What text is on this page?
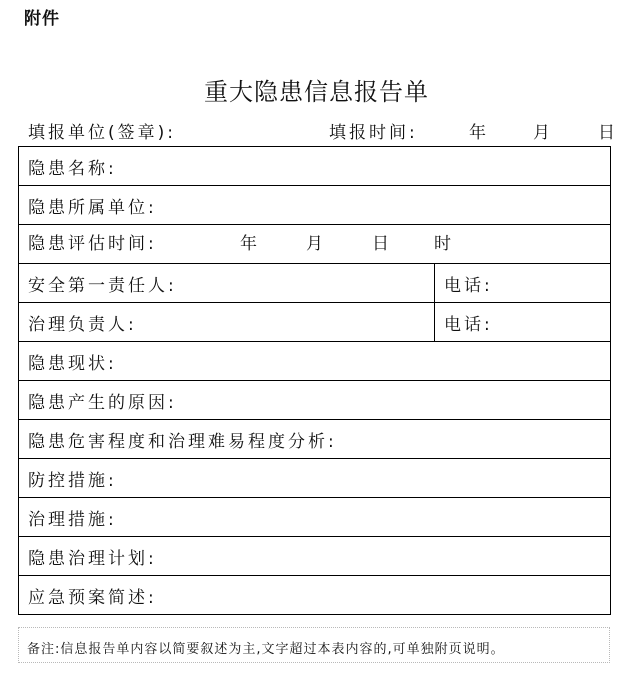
附件
重大隐患信息报告单
填报单位(签章):	填报时间:	年	月	日
隐患名称:	
隐患所属单位:	

隐患评估时间: 年 月 日 时	

安全第一责任人:	电话:
治理负责人:	电话:
隐患现状:	
隐患产生的原因:	
隐患危害程度和治理难易程度分析:	
防控措施:	
治理措施:	
隐患治理计划:	
应急预案简述:	
备注:信息报告单内容以简要叙述为主,文字超过本表内容的,可单独附页说明。
